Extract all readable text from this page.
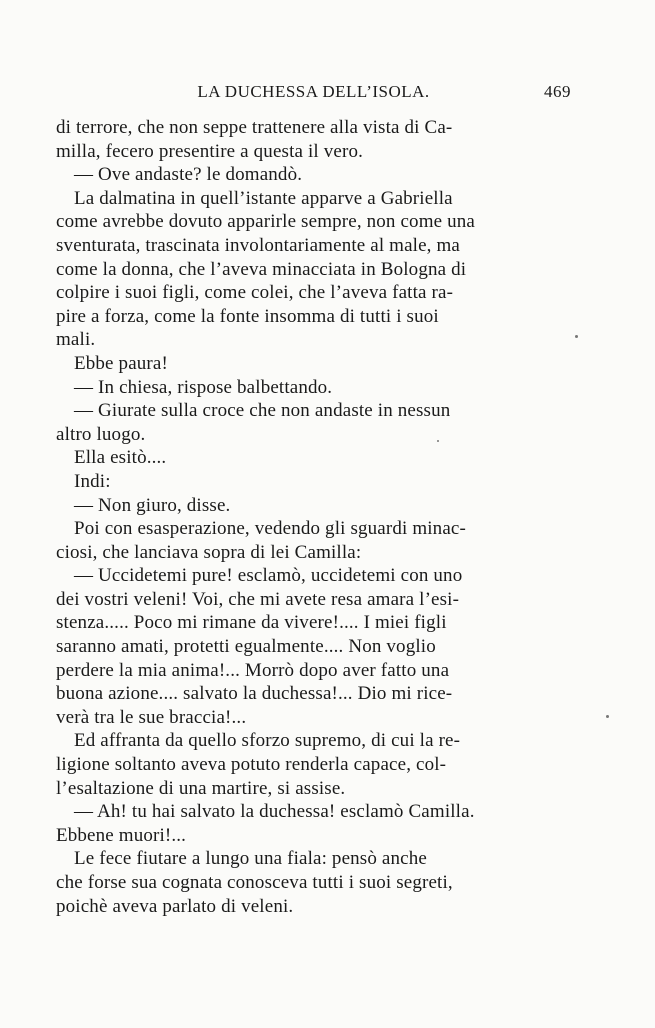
LA DUCHESSA DELL’ISOLA.	469

di terrore, che non seppe trattenere alla vista di Ca-

milla, fecero presentire a questa il vero.

— Ove andaste? le domandò.

La dalmatina in quell’istante apparve a Gabriella

come avrebbe dovuto apparirle sempre, non come una

sventurata, trascinata involontariamente al male, ma

come la donna, che l’aveva minacciata in Bologna di

colpire i suoi figli, come colei, che l’aveva fatta ra-

pire a forza, come la fonte insomma di tutti i suoi

mali.

Ebbe paura!

— In chiesa, rispose balbettando.

— Giurate sulla croce che non andaste in nessun

altro luogo.

Ella esitò....

Indi:

— Non giuro, disse.

Poi con esasperazione, vedendo gli sguardi minac-

ciosi, che lanciava sopra di lei Camilla:

— Uccidetemi pure! esclamò, uccidetemi con uno

dei vostri veleni! Voi, che mi avete resa amara l’esi-

stenza..... Poco mi rimane da vivere!.... I miei figli

saranno amati, protetti egualmente.... Non voglio

perdere la mia anima!... Morrò dopo aver fatto una

buona azione.... salvato la duchessa!... Dio mi rice-

verà tra le sue braccia!...

Ed affranta da quello sforzo supremo, di cui la re-

ligione soltanto aveva potuto renderla capace, col-

l’esaltazione di una martire, si assise.

— Ah! tu hai salvato la duchessa! esclamò Camilla.

Ebbene muori!...

Le fece fiutare a lungo una fiala: pensò anche

che forse sua cognata conosceva tutti i suoi segreti,

poichè aveva parlato di veleni.
